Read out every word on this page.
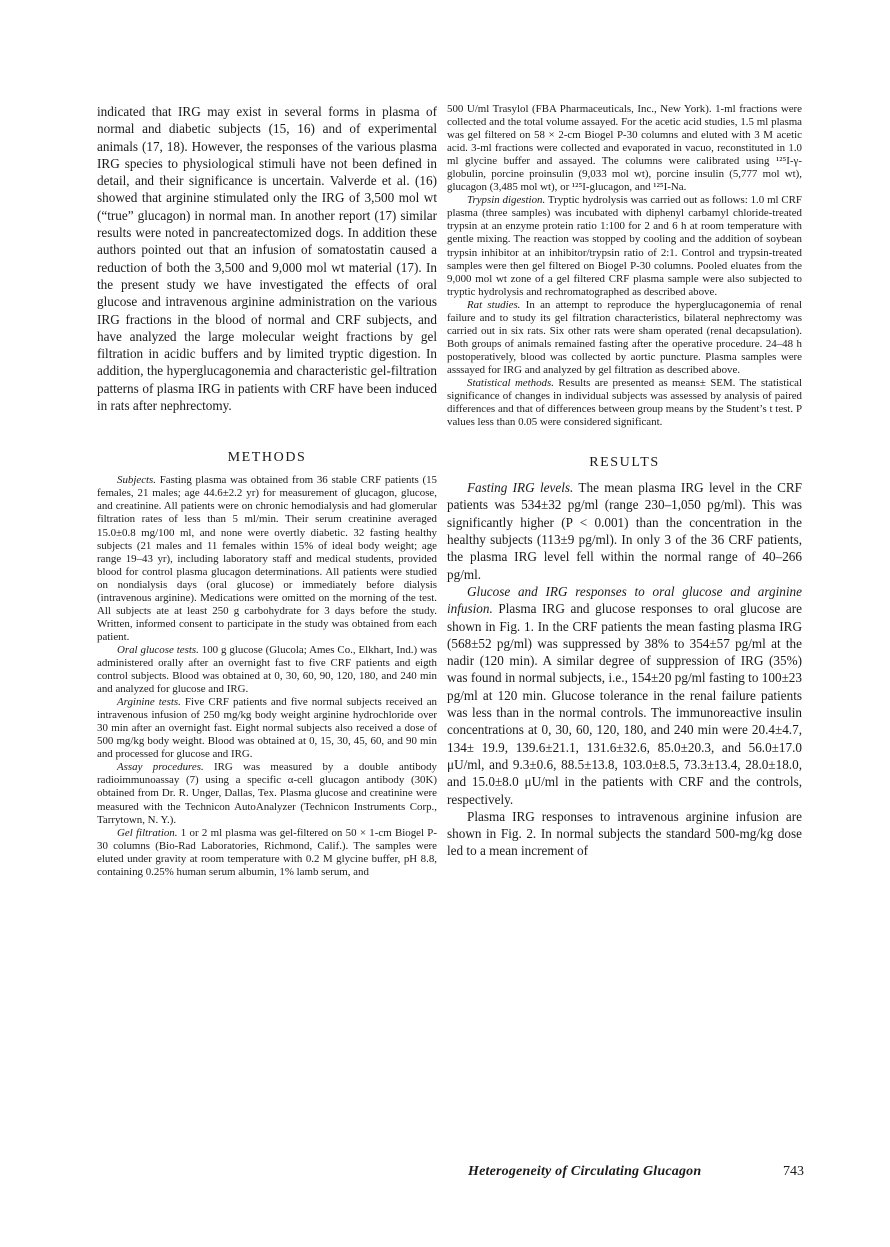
indicated that IRG may exist in several forms in plasma of normal and diabetic subjects (15, 16) and of experimental animals (17, 18). However, the responses of the various plasma IRG species to physiological stimuli have not been defined in detail, and their significance is uncertain. Valverde et al. (16) showed that arginine stimulated only the IRG of 3,500 mol wt (“true” glucagon) in normal man. In another report (17) similar results were noted in pancreatectomized dogs. In addition these authors pointed out that an infusion of somatostatin caused a reduction of both the 3,500 and 9,000 mol wt material (17). In the present study we have investigated the effects of oral glucose and intravenous arginine administration on the various IRG fractions in the blood of normal and CRF subjects, and have analyzed the large molecular weight fractions by gel filtration in acidic buffers and by limited tryptic digestion. In addition, the hyperglucagonemia and characteristic gel-filtration patterns of plasma IRG in patients with CRF have been induced in rats after nephrectomy.

METHODS

Subjects. Fasting plasma was obtained from 36 stable CRF patients (15 females, 21 males; age 44.6±2.2 yr) for measurement of glucagon, glucose, and creatinine. All patients were on chronic hemodialysis and had glomerular filtration rates of less than 5 ml/min. Their serum creatinine averaged 15.0±0.8 mg/100 ml, and none were overtly diabetic. 32 fasting healthy subjects (21 males and 11 females within 15% of ideal body weight; age range 19–43 yr), including laboratory staff and medical students, provided blood for control plasma glucagon determinations. All patients were studied on nondialysis days (oral glucose) or immediately before dialysis (intravenous arginine). Medications were omitted on the morning of the test. All subjects ate at least 250 g carbohydrate for 3 days before the study. Written, informed consent to participate in the study was obtained from each patient.

Oral glucose tests. 100 g glucose (Glucola; Ames Co., Elkhart, Ind.) was administered orally after an overnight fast to five CRF patients and eigth control subjects. Blood was obtained at 0, 30, 60, 90, 120, 180, and 240 min and analyzed for glucose and IRG.

Arginine tests. Five CRF patients and five normal subjects received an intravenous infusion of 250 mg/kg body weight arginine hydrochloride over 30 min after an overnight fast. Eight normal subjects also received a dose of 500 mg/kg body weight. Blood was obtained at 0, 15, 30, 45, 60, and 90 min and processed for glucose and IRG.

Assay procedures. IRG was measured by a double antibody radioimmunoassay (7) using a specific α-cell glucagon antibody (30K) obtained from Dr. R. Unger, Dallas, Tex. Plasma glucose and creatinine were measured with the Technicon AutoAnalyzer (Technicon Instruments Corp., Tarrytown, N. Y.).

Gel filtration. 1 or 2 ml plasma was gel-filtered on 50 × 1-cm Biogel P-30 columns (Bio-Rad Laboratories, Richmond, Calif.). The samples were eluted under gravity at room temperature with 0.2 M glycine buffer, pH 8.8, containing 0.25% human serum albumin, 1% lamb serum, and

500 U/ml Trasylol (FBA Pharmaceuticals, Inc., New York). 1-ml fractions were collected and the total volume assayed. For the acetic acid studies, 1.5 ml plasma was gel filtered on 58 × 2-cm Biogel P-30 columns and eluted with 3 M acetic acid. 3-ml fractions were collected and evaporated in vacuo, reconstituted in 1.0 ml glycine buffer and assayed. The columns were calibrated using ¹²⁵I-γ-globulin, porcine proinsulin (9,033 mol wt), porcine insulin (5,777 mol wt), glucagon (3,485 mol wt), or ¹²⁵I-glucagon, and ¹²⁵I-Na.

Trypsin digestion. Tryptic hydrolysis was carried out as follows: 1.0 ml CRF plasma (three samples) was incubated with diphenyl carbamyl chloride-treated trypsin at an enzyme protein ratio 1:100 for 2 and 6 h at room temperature with gentle mixing. The reaction was stopped by cooling and the addition of soybean trypsin inhibitor at an inhibitor/trypsin ratio of 2:1. Control and trypsin-treated samples were then gel filtered on Biogel P-30 columns. Pooled eluates from the 9,000 mol wt zone of a gel filtered CRF plasma sample were also subjected to tryptic hydrolysis and rechromatographed as described above.

Rat studies. In an attempt to reproduce the hyperglucagonemia of renal failure and to study its gel filtration characteristics, bilateral nephrectomy was carried out in six rats. Six other rats were sham operated (renal decapsulation). Both groups of animals remained fasting after the operative procedure. 24–48 h postoperatively, blood was collected by aortic puncture. Plasma samples were asssayed for IRG and analyzed by gel filtration as described above.

Statistical methods. Results are presented as means± SEM. The statistical significance of changes in individual subjects was assessed by analysis of paired differences and that of differences between group means by the Student’s t test. P values less than 0.05 were considered significant.

RESULTS

Fasting IRG levels. The mean plasma IRG level in the CRF patients was 534±32 pg/ml (range 230–1,050 pg/ml). This was significantly higher (P < 0.001) than the concentration in the healthy subjects (113±9 pg/ml). In only 3 of the 36 CRF patients, the plasma IRG level fell within the normal range of 40–266 pg/ml.

Glucose and IRG responses to oral glucose and arginine infusion. Plasma IRG and glucose responses to oral glucose are shown in Fig. 1. In the CRF patients the mean fasting plasma IRG (568±52 pg/ml) was suppressed by 38% to 354±57 pg/ml at the nadir (120 min). A similar degree of suppression of IRG (35%) was found in normal subjects, i.e., 154±20 pg/ml fasting to 100±23 pg/ml at 120 min. Glucose tolerance in the renal failure patients was less than in the normal controls. The immunoreactive insulin concentrations at 0, 30, 60, 120, 180, and 240 min were 20.4±4.7, 134± 19.9, 139.6±21.1, 131.6±32.6, 85.0±20.3, and 56.0±17.0 μU/ml, and 9.3±0.6, 88.5±13.8, 103.0±8.5, 73.3±13.4, 28.0±18.0, and 15.0±8.0 μU/ml in the patients with CRF and the controls, respectively.

Plasma IRG responses to intravenous arginine infusion are shown in Fig. 2. In normal subjects the standard 500-mg/kg dose led to a mean increment of

Heterogeneity of Circulating Glucagon	743
